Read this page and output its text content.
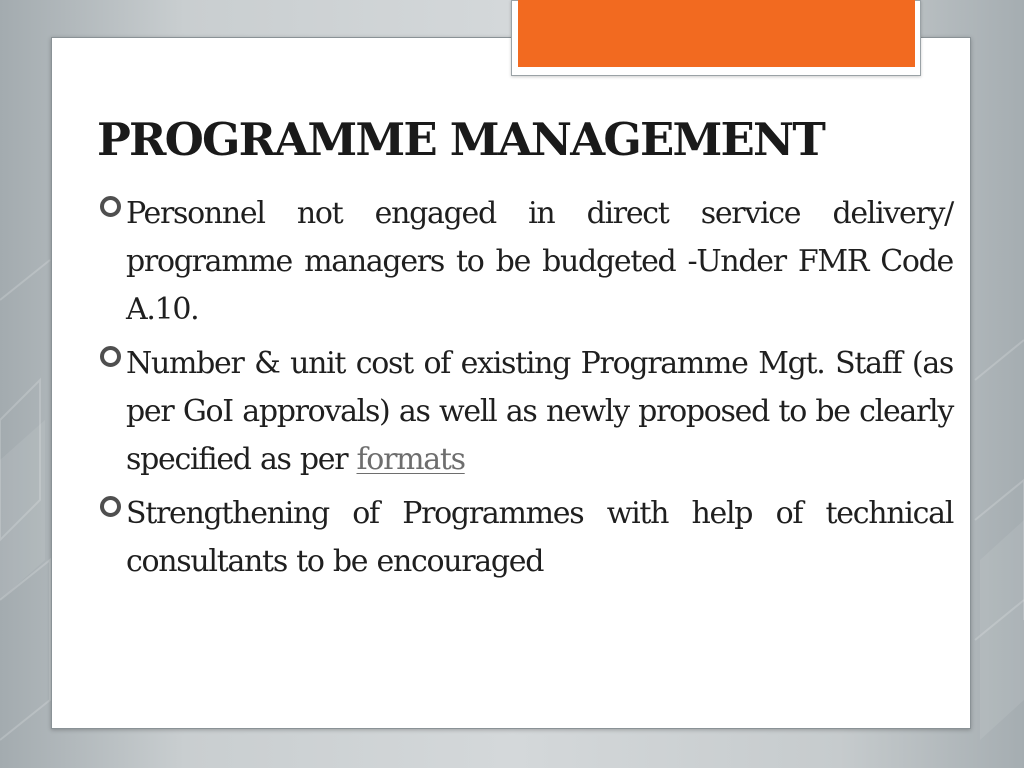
PROGRAMME MANAGEMENT
Personnel not engaged in direct service delivery/ programme managers to be budgeted -Under FMR Code A.10.
Number & unit cost of existing Programme Mgt. Staff (as per GoI approvals) as well as newly proposed to be clearly specified as per formats
Strengthening of Programmes with help of technical consultants to be encouraged
